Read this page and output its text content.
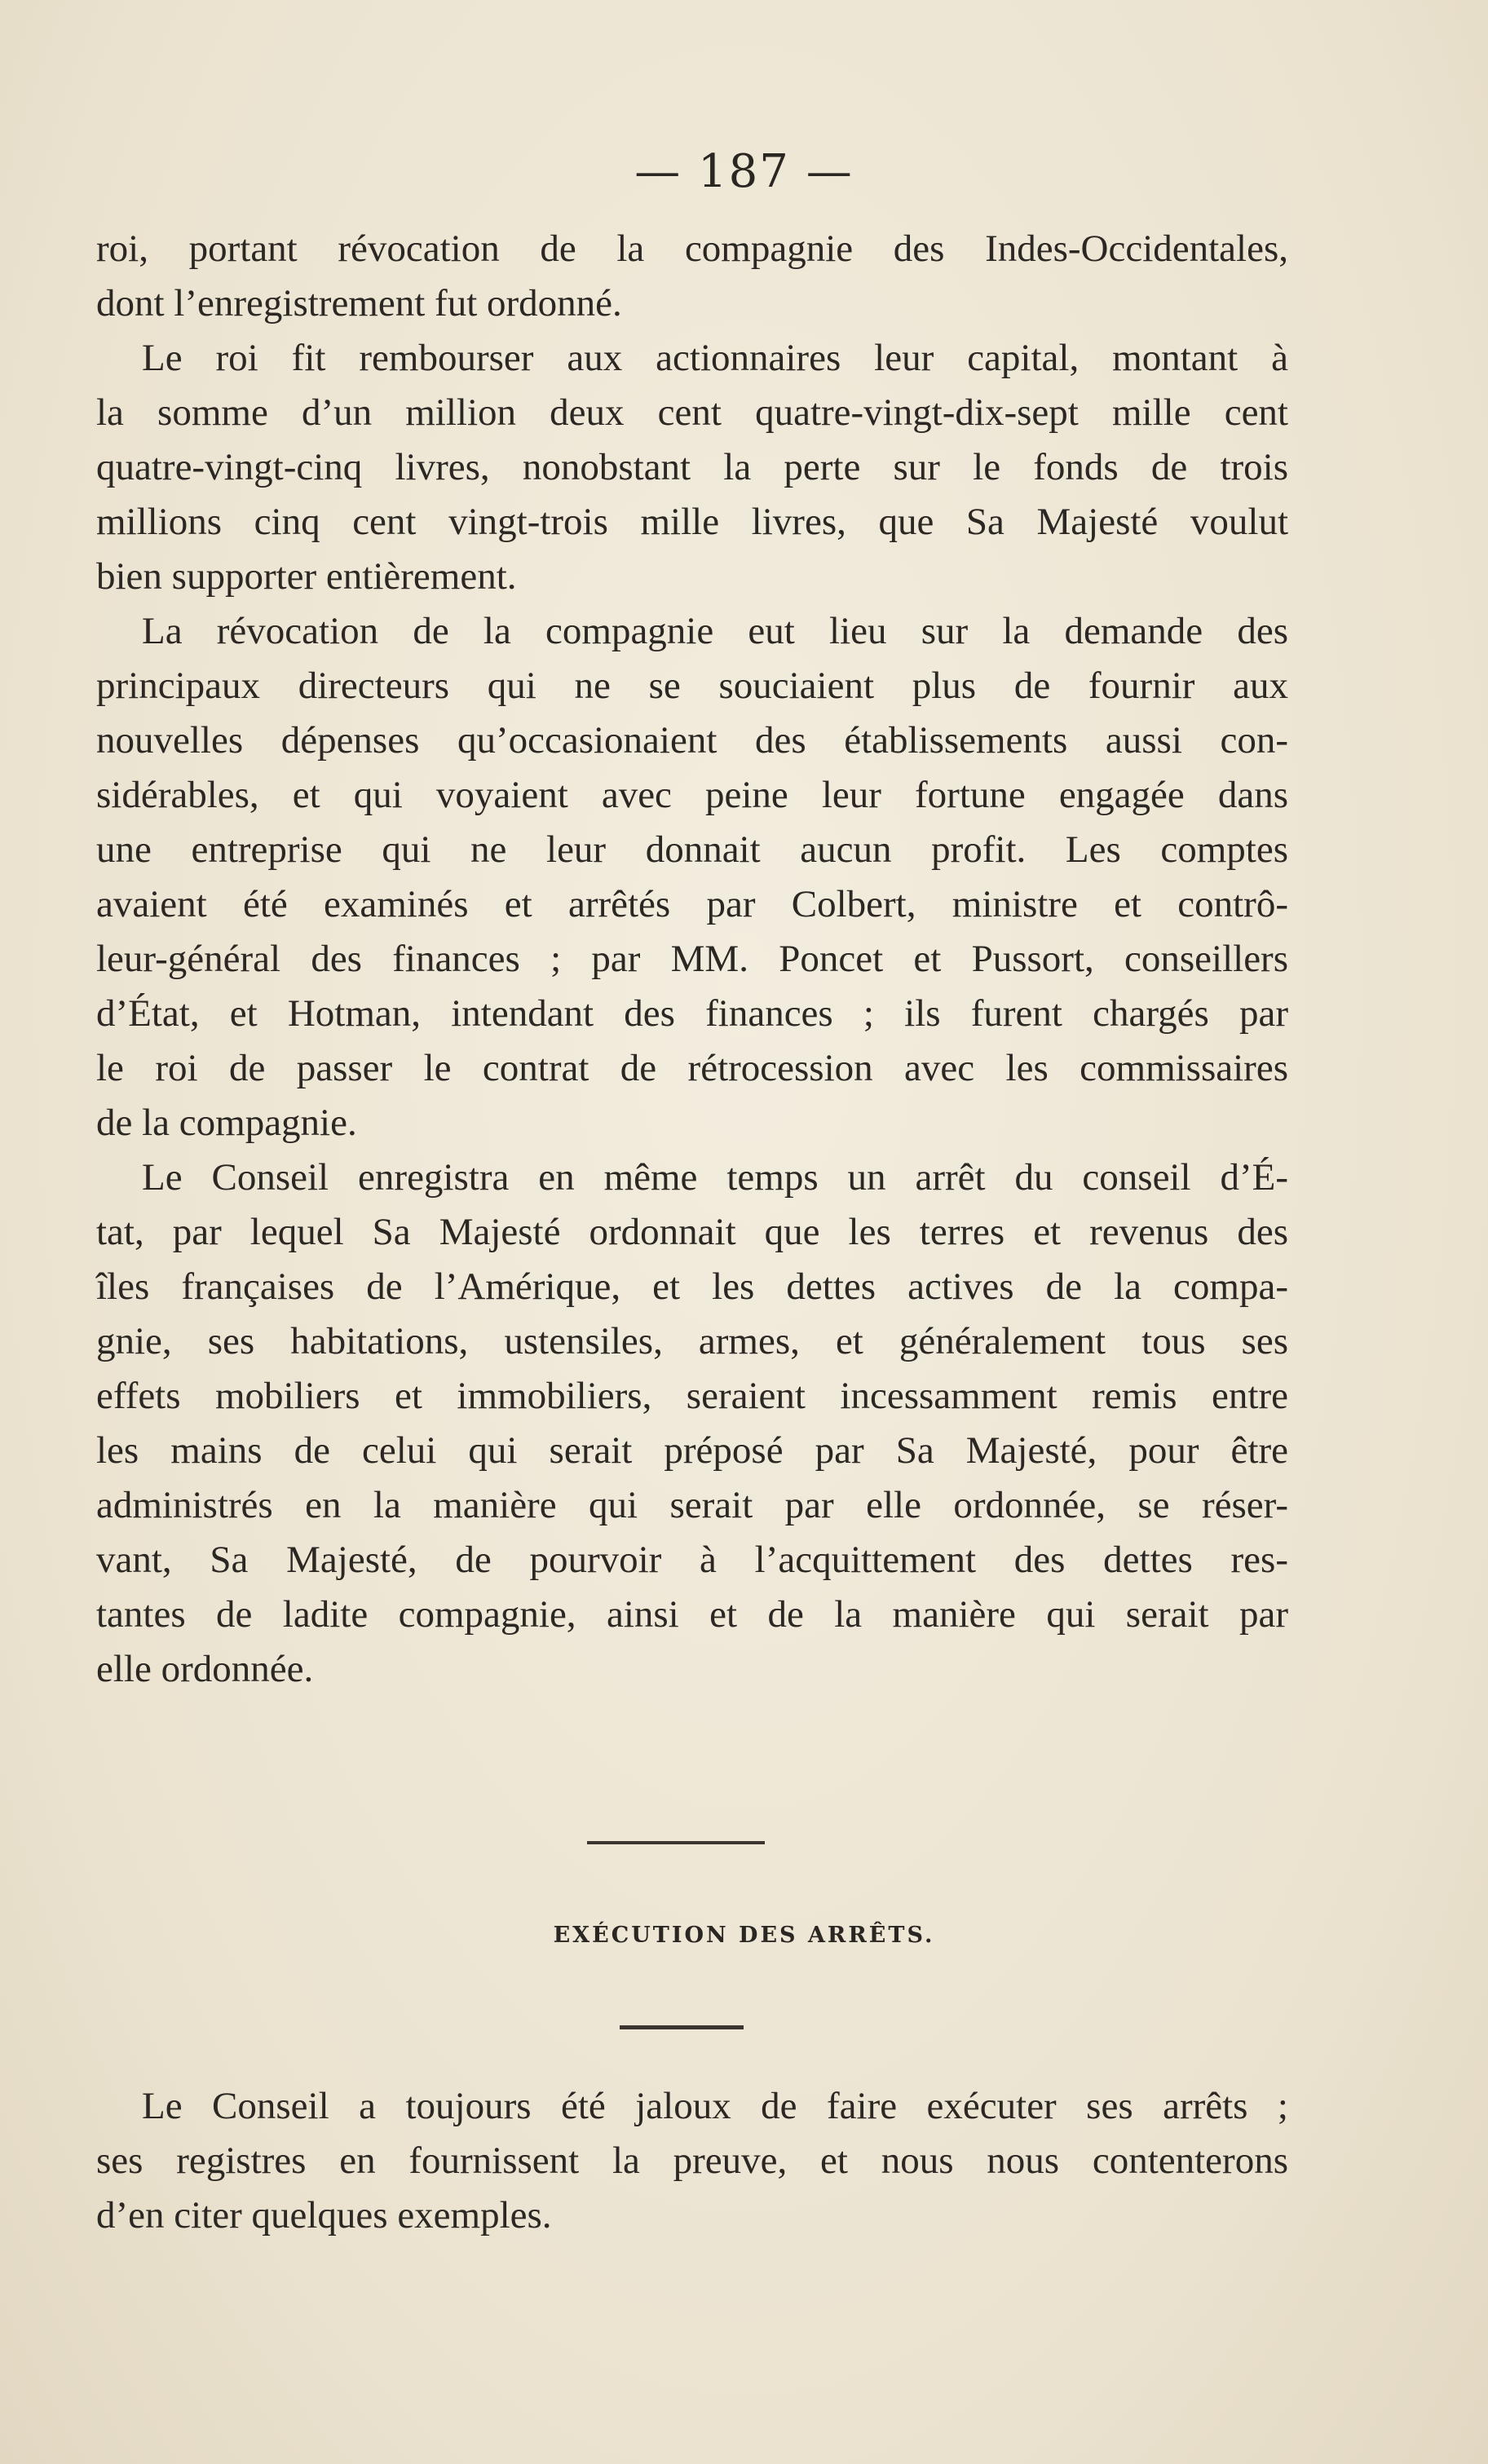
— 187 —
roi, portant révocation de la compagnie des Indes-Occidentales,
dont l’enregistrement fut ordonné.
Le roi fit rembourser aux actionnaires leur capital, montant à
la somme d’un million deux cent quatre-vingt-dix-sept mille cent
quatre-vingt-cinq livres, nonobstant la perte sur le fonds de trois
millions cinq cent vingt-trois mille livres, que Sa Majesté voulut
bien supporter entièrement.
La révocation de la compagnie eut lieu sur la demande des
principaux directeurs qui ne se souciaient plus de fournir aux
nouvelles dépenses qu’occasionaient des établissements aussi con-
sidérables, et qui voyaient avec peine leur fortune engagée dans
une entreprise qui ne leur donnait aucun profit. Les comptes
avaient été examinés et arrêtés par Colbert, ministre et contrô-
leur-général des finances ; par MM. Poncet et Pussort, conseillers
d’État, et Hotman, intendant des finances ; ils furent chargés par
le roi de passer le contrat de rétrocession avec les commissaires
de la compagnie.
Le Conseil enregistra en même temps un arrêt du conseil d’É-
tat, par lequel Sa Majesté ordonnait que les terres et revenus des
îles françaises de l’Amérique, et les dettes actives de la compa-
gnie, ses habitations, ustensiles, armes, et généralement tous ses
effets mobiliers et immobiliers, seraient incessamment remis entre
les mains de celui qui serait préposé par Sa Majesté, pour être
administrés en la manière qui serait par elle ordonnée, se réser-
vant, Sa Majesté, de pourvoir à l’acquittement des dettes res-
tantes de ladite compagnie, ainsi et de la manière qui serait par
elle ordonnée.
EXÉCUTION DES ARRÊTS.
Le Conseil a toujours été jaloux de faire exécuter ses arrêts ;
ses registres en fournissent la preuve, et nous nous contenterons
d’en citer quelques exemples.
